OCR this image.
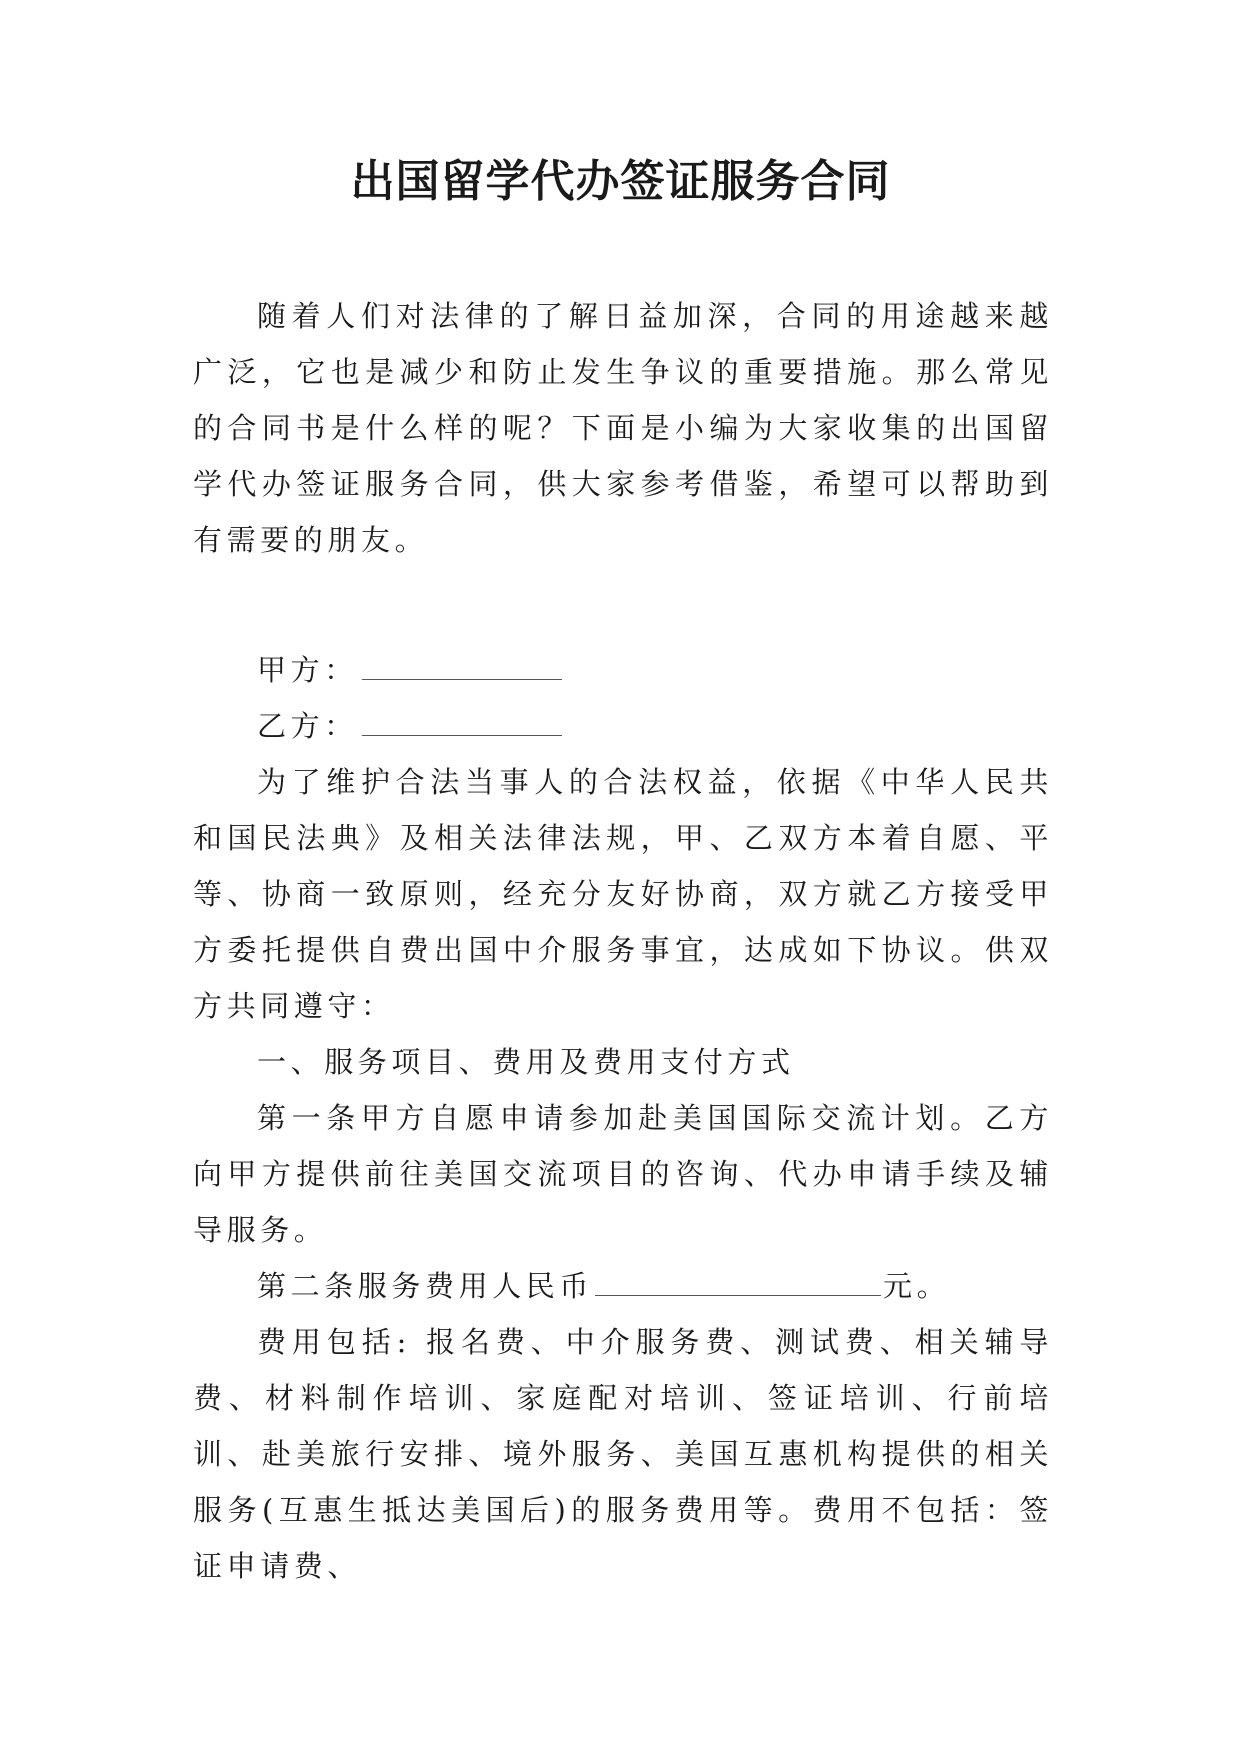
出国留学代办签证服务合同

随着人们对法律的了解日益加深，合同的用途越来越广泛，它也是减少和防止发生争议的重要措施。那么常见的合同书是什么样的呢？下面是小编为大家收集的出国留学代办签证服务合同，供大家参考借鉴，希望可以帮助到有需要的朋友。

甲方：

乙方：

为了维护合法当事人的合法权益，依据《中华人民共和国民法典》及相关法律法规，甲、乙双方本着自愿、平等、协商一致原则，经充分友好协商，双方就乙方接受甲方委托提供自费出国中介服务事宜，达成如下协议。供双方共同遵守：

一、服务项目、费用及费用支付方式

第一条甲方自愿申请参加赴美国国际交流计划。乙方向甲方提供前往美国交流项目的咨询、代办申请手续及辅导服务。

第二条服务费用人民币	元。

费用包括: 报名费、中介服务费、测试费、相关辅导费、材料制作培训、家庭配对培训、签证培训、行前培训、赴美旅行安排、境外服务、美国互惠机构提供的相关服务(互惠生抵达美国后)的服务费用等。费用不包括：签证申请费、
